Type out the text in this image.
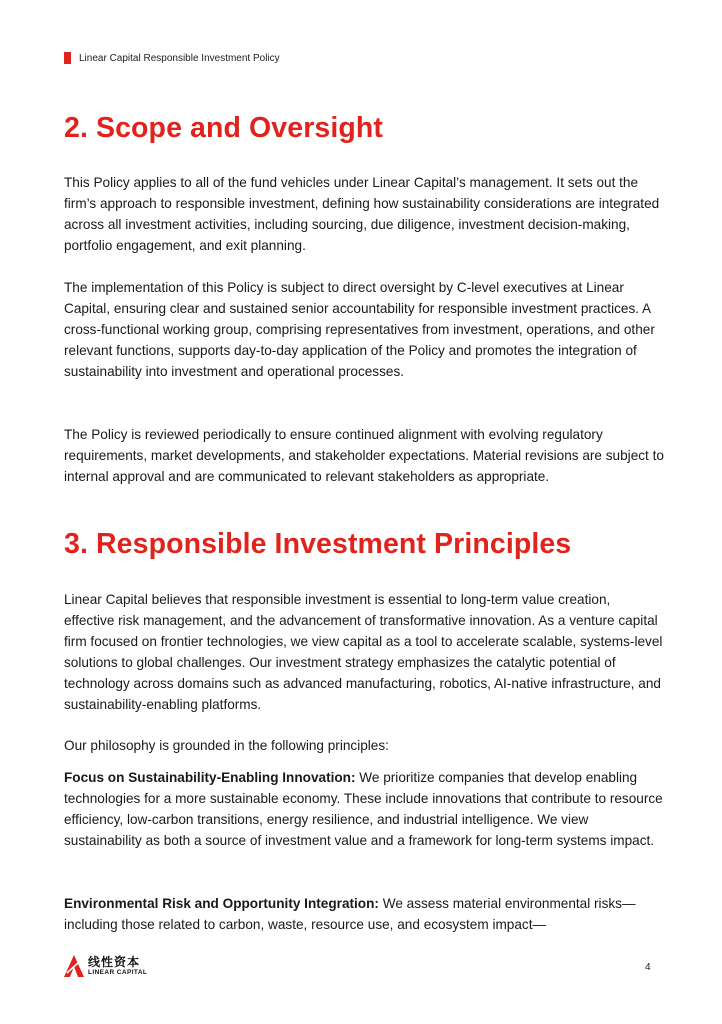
Linear Capital Responsible Investment Policy
2. Scope and Oversight

This Policy applies to all of the fund vehicles under Linear Capital’s management. It sets out the firm’s approach to responsible investment, defining how sustainability considerations are integrated across all investment activities, including sourcing, due diligence, investment decision-making, portfolio engagement, and exit planning.

The implementation of this Policy is subject to direct oversight by C-level executives at Linear Capital, ensuring clear and sustained senior accountability for responsible investment practices. A cross-functional working group, comprising representatives from investment, operations, and other relevant functions, supports day-to-day application of the Policy and promotes the integration of sustainability into investment and operational processes.

The Policy is reviewed periodically to ensure continued alignment with evolving regulatory requirements, market developments, and stakeholder expectations. Material revisions are subject to internal approval and are communicated to relevant stakeholders as appropriate.

3. Responsible Investment Principles

Linear Capital believes that responsible investment is essential to long-term value creation, effective risk management, and the advancement of transformative innovation. As a venture capital firm focused on frontier technologies, we view capital as a tool to accelerate scalable, systems-level solutions to global challenges. Our investment strategy emphasizes the catalytic potential of technology across domains such as advanced manufacturing, robotics, AI-native infrastructure, and sustainability-enabling platforms.

Our philosophy is grounded in the following principles:

Focus on Sustainability-Enabling Innovation: We prioritize companies that develop enabling technologies for a more sustainable economy. These include innovations that contribute to resource efficiency, low-carbon transitions, energy resilience, and industrial intelligence. We view sustainability as both a source of investment value and a framework for long-term systems impact.

Environmental Risk and Opportunity Integration: We assess material environmental risks—including those related to carbon, waste, resource use, and ecosystem impact—

线性资本
LINEAR CAPITAL	4
